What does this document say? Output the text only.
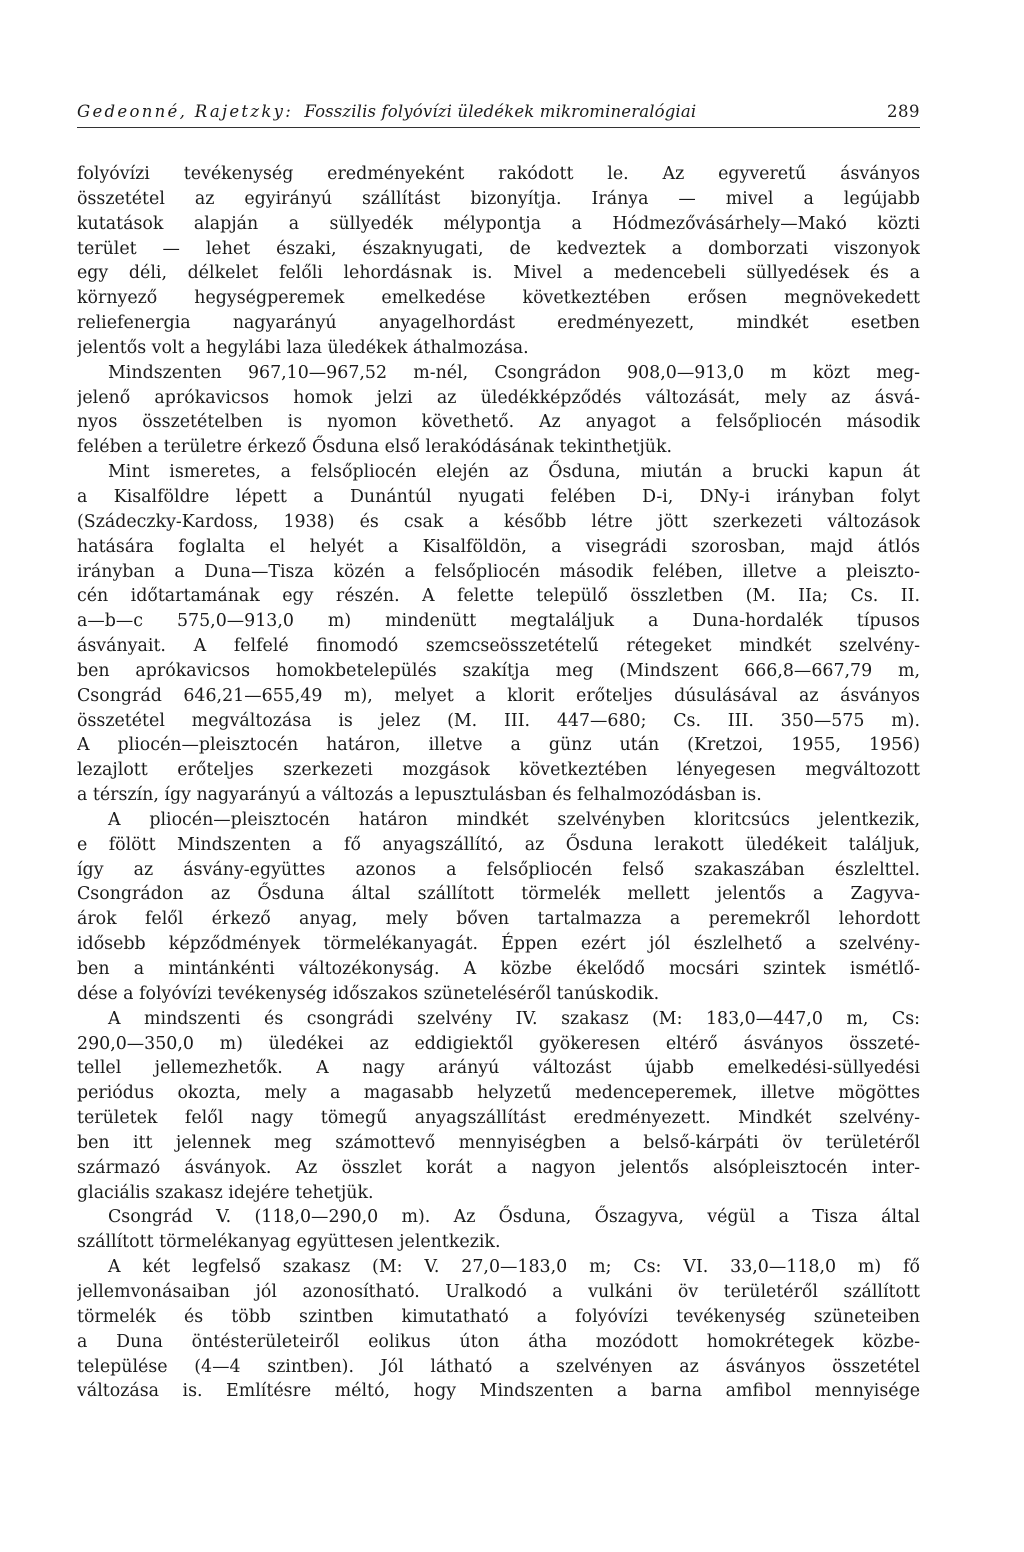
Gedeonné, Rajetzky: Fosszilis folyóvízi üledékek mikromineralógiai	289
folyóvízi tevékenység eredményeként rakódott le. Az egyveretű ásványos
összetétel az egyirányú szállítást bizonyítja. Iránya — mivel a legújabb
kutatások alapján a süllyedék mélypontja a Hódmezővásárhely—Makó közti
terület — lehet északi, északnyugati, de kedveztek a domborzati viszonyok
egy déli, délkelet felőli lehordásnak is. Mivel a medencebeli süllyedések és a
környező hegységperemek emelkedése következtében erősen megnövekedett
reliefenergia nagyarányú anyagelhordást eredményezett, mindkét esetben
jelentős volt a hegylábi laza üledékek áthalmozása.
Mindszenten 967,10—967,52 m-nél, Csongrádon 908,0—913,0 m közt meg-
jelenő aprókavicsos homok jelzi az üledékképződés változását, mely az ásvá-
nyos összetételben is nyomon követhető. Az anyagot a felsőpliocén második
felében a területre érkező Ősduna első lerakódásának tekinthetjük.
Mint ismeretes, a felsőpliocén elején az Ősduna, miután a brucki kapun át
a Kisalföldre lépett a Dunántúl nyugati felében D-i, DNy-i irányban folyt
(Szádeczky-Kardoss, 1938) és csak a később létre jött szerkezeti változások
hatására foglalta el helyét a Kisalföldön, a visegrádi szorosban, majd átlós
irányban a Duna—Tisza közén a felsőpliocén második felében, illetve a pleiszto-
cén időtartamának egy részén. A felette települő összletben (M. IIa; Cs. II.
a—b—c 575,0—913,0 m) mindenütt megtaláljuk a Duna-hordalék típusos
ásványait. A felfelé finomodó szemcseösszetételű rétegeket mindkét szelvény-
ben aprókavicsos homokbetelepülés szakítja meg (Mindszent 666,8—667,79 m,
Csongrád 646,21—655,49 m), melyet a klorit erőteljes dúsulásával az ásványos
összetétel megváltozása is jelez (M. III. 447—680; Cs. III. 350—575 m).
A pliocén—pleisztocén határon, illetve a günz után (Kretzoi, 1955, 1956)
lezajlott erőteljes szerkezeti mozgások következtében lényegesen megváltozott
a térszín, így nagyarányú a változás a lepusztulásban és felhalmozódásban is.
A pliocén—pleisztocén határon mindkét szelvényben kloritcsúcs jelentkezik,
e fölött Mindszenten a fő anyagszállító, az Ősduna lerakott üledékeit találjuk,
így az ásvány-együttes azonos a felsőpliocén felső szakaszában észlelttel.
Csongrádon az Ősduna által szállított törmelék mellett jelentős a Zagyva-
árok felől érkező anyag, mely bőven tartalmazza a peremekről lehordott
idősebb képződmények törmelékanyagát. Éppen ezért jól észlelhető a szelvény-
ben a mintánkénti változékonyság. A közbe ékelődő mocsári szintek ismétlő-
dése a folyóvízi tevékenység időszakos szüneteléséről tanúskodik.
A mindszenti és csongrádi szelvény IV. szakasz (M: 183,0—447,0 m, Cs:
290,0—350,0 m) üledékei az eddigiektől gyökeresen eltérő ásványos összeté-
tellel jellemezhetők. A nagy arányú változást újabb emelkedési-süllyedési
periódus okozta, mely a magasabb helyzetű medenceperemek, illetve mögöttes
területek felől nagy tömegű anyagszállítást eredményezett. Mindkét szelvény-
ben itt jelennek meg számottevő mennyiségben a belső-kárpáti öv területéről
származó ásványok. Az összlet korát a nagyon jelentős alsópleisztocén inter-
glaciális szakasz idejére tehetjük.
Csongrád V. (118,0—290,0 m). Az Ősduna, Őszagyva, végül a Tisza által
szállított törmelékanyag együttesen jelentkezik.
A két legfelső szakasz (M: V. 27,0—183,0 m; Cs: VI. 33,0—118,0 m) fő
jellemvonásaiban jól azonosítható. Uralkodó a vulkáni öv területéről szállított
törmelék és több szintben kimutatható a folyóvízi tevékenység szüneteiben
a Duna öntésterületeiről eolikus úton átha mozódott homokrétegek közbe-
települése (4—4 szintben). Jól látható a szelvényen az ásványos összetétel
változása is. Említésre méltó, hogy Mindszenten a barna amfibol mennyisége
